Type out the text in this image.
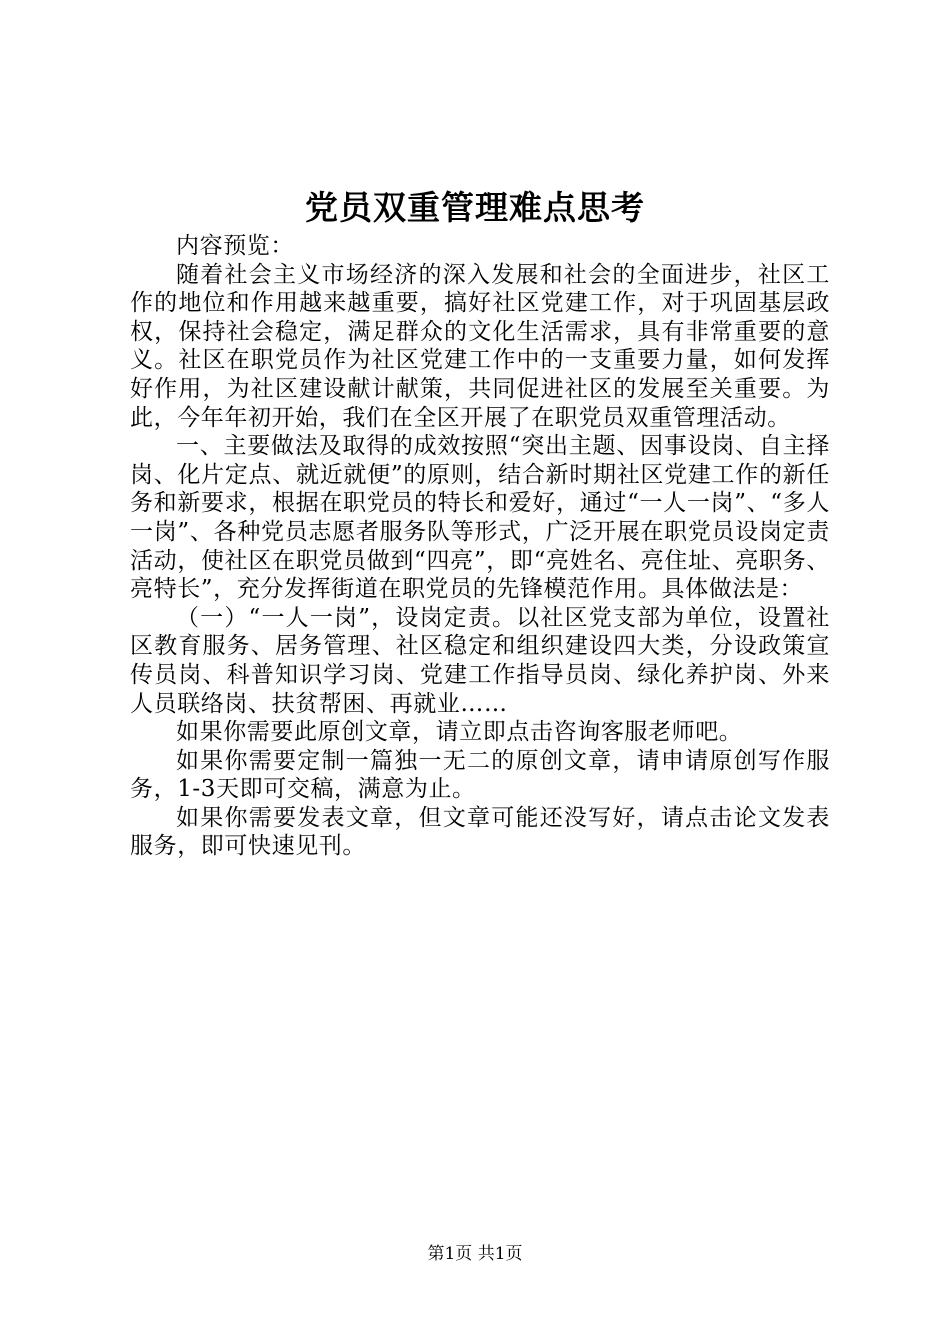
党员双重管理难点思考

内容预览：

随着社会主义市场经济的深入发展和社会的全面进步，社区工作的地位和作用越来越重要，搞好社区党建工作，对于巩固基层政权，保持社会稳定，满足群众的文化生活需求，具有非常重要的意义。社区在职党员作为社区党建工作中的一支重要力量，如何发挥好作用，为社区建设献计献策，共同促进社区的发展至关重要。为此，今年年初开始，我们在全区开展了在职党员双重管理活动。

一、主要做法及取得的成效按照“突出主题、因事设岗、自主择岗、化片定点、就近就便”的原则，结合新时期社区党建工作的新任务和新要求，根据在职党员的特长和爱好，通过“一人一岗”、“多人一岗”、各种党员志愿者服务队等形式，广泛开展在职党员设岗定责活动，使社区在职党员做到“四亮”，即“亮姓名、亮住址、亮职务、亮特长”，充分发挥街道在职党员的先锋模范作用。具体做法是：

（一）“一人一岗”，设岗定责。以社区党支部为单位，设置社区教育服务、居务管理、社区稳定和组织建设四大类，分设政策宣传员岗、科普知识学习岗、党建工作指导员岗、绿化养护岗、外来人员联络岗、扶贫帮困、再就业……

如果你需要此原创文章，请立即点击咨询客服老师吧。

如果你需要定制一篇独一无二的原创文章，请申请原创写作服务，1-3天即可交稿，满意为止。

如果你需要发表文章，但文章可能还没写好，请点击论文发表服务，即可快速见刊。

第1页 共1页
